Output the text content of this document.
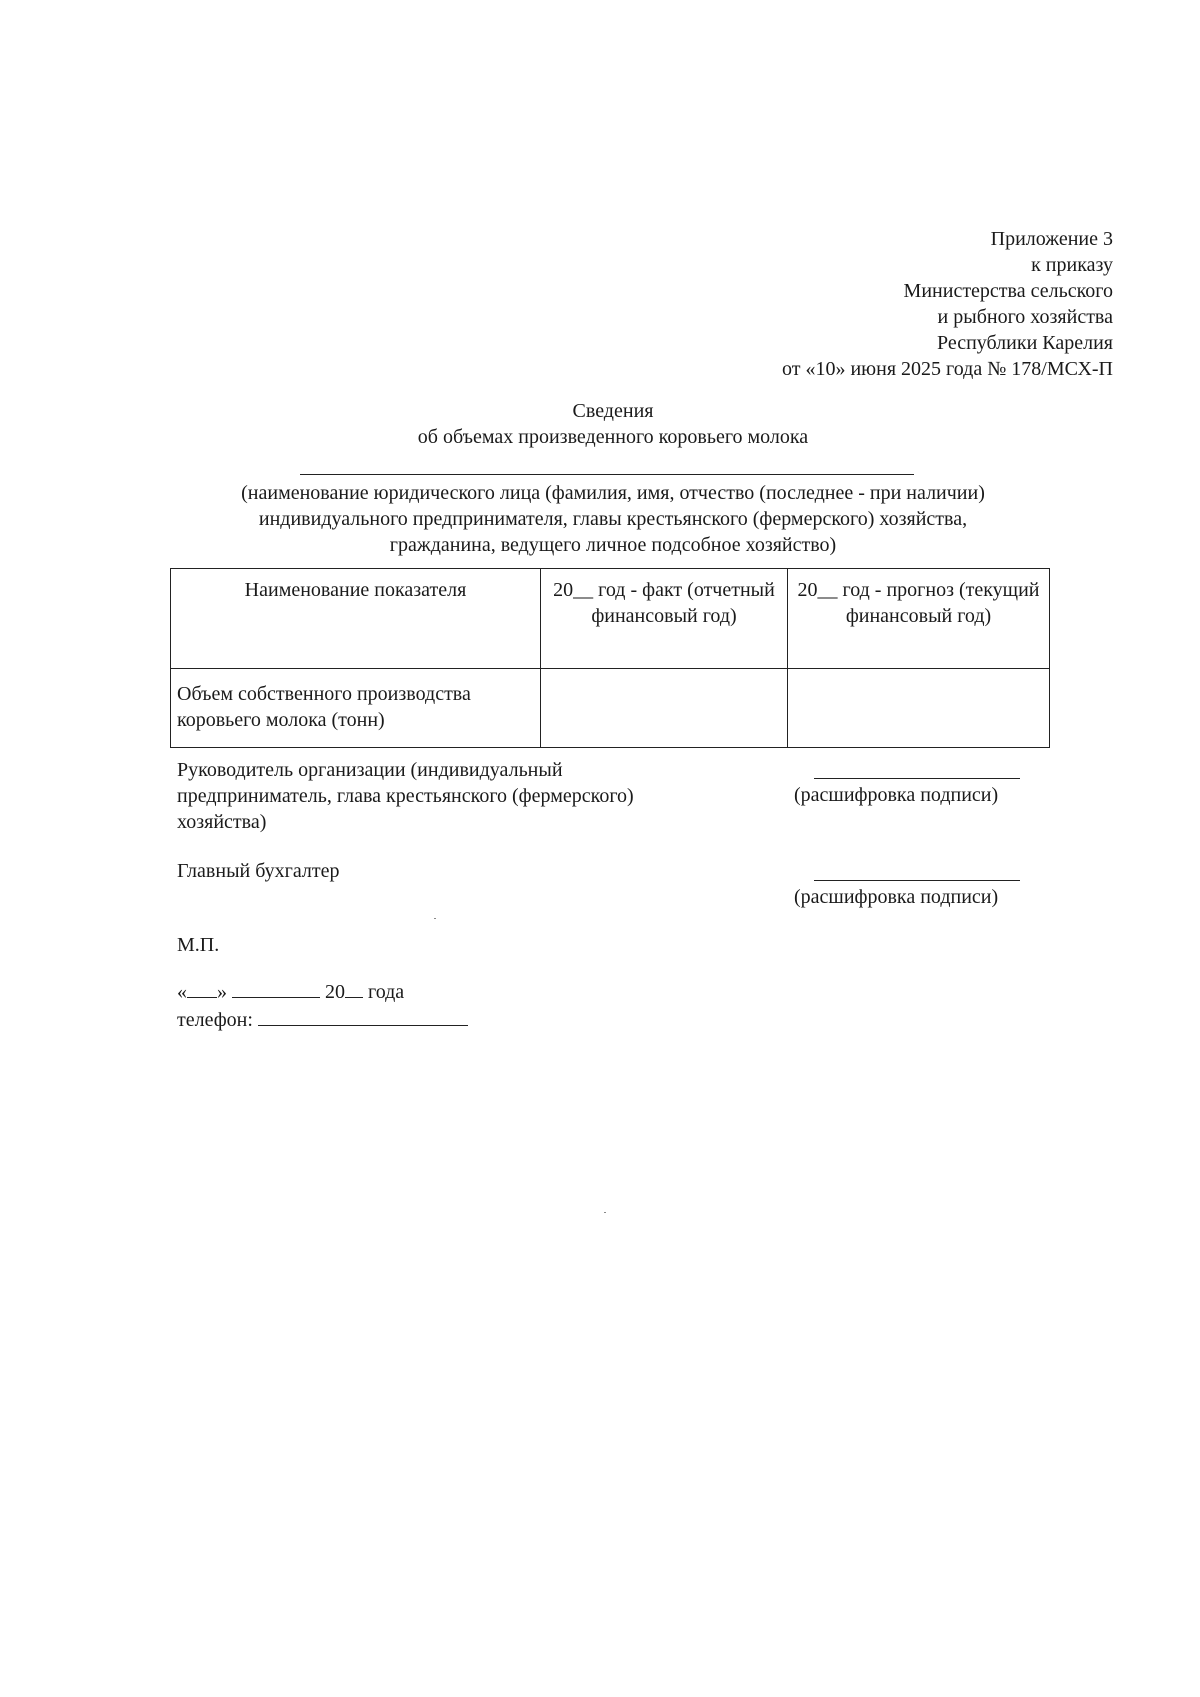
Приложение 3
к приказу
Министерства сельского
и рыбного хозяйства
Республики Карелия
от «10» июня 2025 года № 178/МСХ-П
Сведения
об объемах произведенного коровьего молока
(наименование юридического лица (фамилия, имя, отчество (последнее - при наличии)
индивидуального предпринимателя, главы крестьянского (фермерского) хозяйства,
гражданина, ведущего личное подсобное хозяйство)
Наименование показателя	20__ год - факт (отчетный финансовый год)	20__ год - прогноз (текущий финансовый год)
Объем собственного производства коровьего молока (тонн)		
Руководитель организации (индивидуальный
предприниматель, глава крестьянского (фермерского)
хозяйства)
(расшифровка подписи)
Главный бухгалтер
(расшифровка подписи)
М.П.
« »	20 года
телефон:
